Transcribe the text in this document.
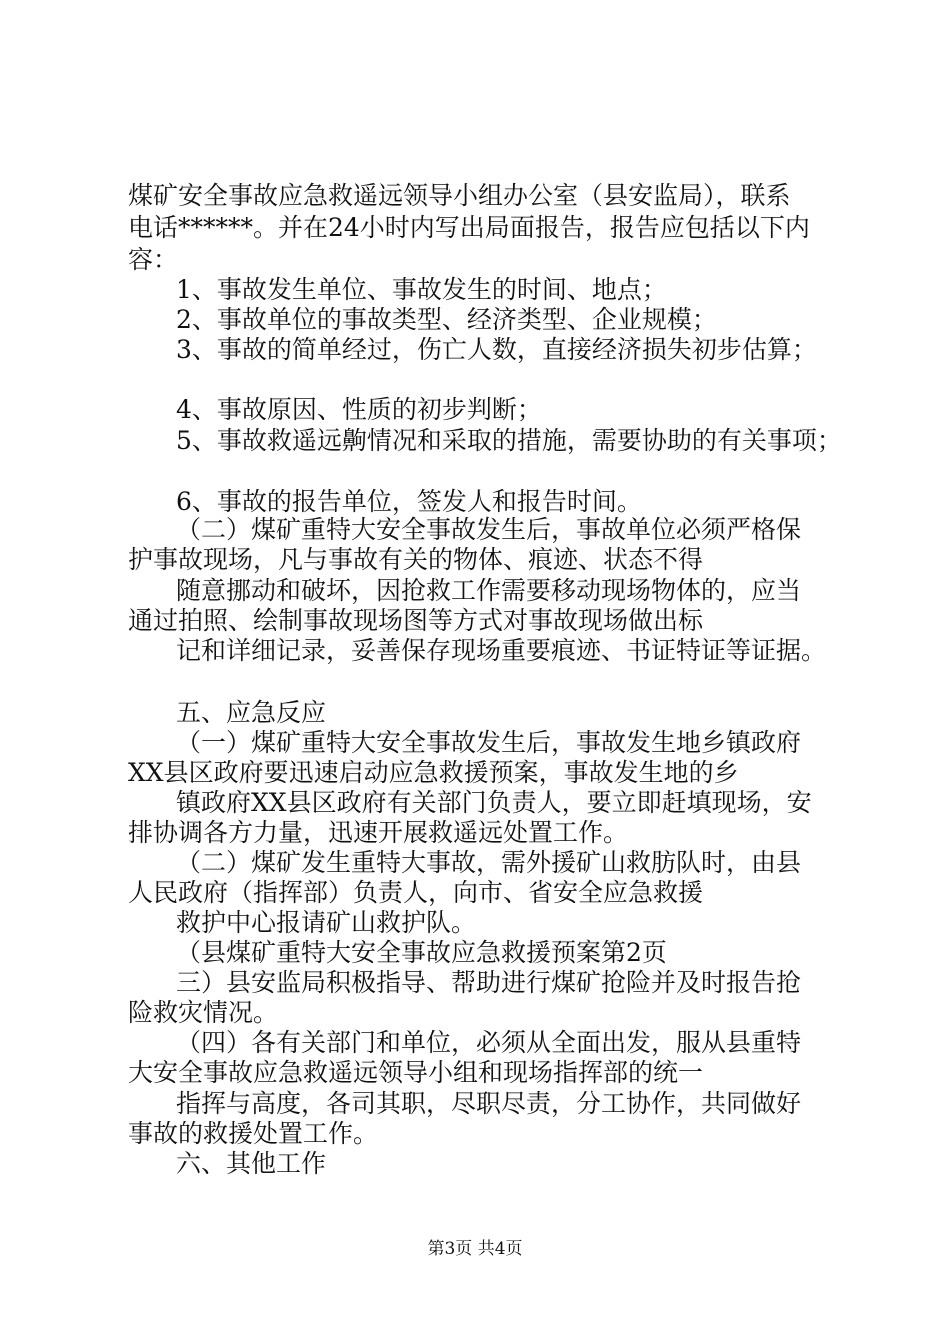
煤矿安全事故应急救遥远领导小组办公室（县安监局），联系
电话******。并在24小时内写出局面报告，报告应包括以下内
容：
1、事故发生单位、事故发生的时间、地点；
2、事故单位的事故类型、经济类型、企业规模；
3、事故的简单经过，伤亡人数，直接经济损失初步估算；
4、事故原因、性质的初步判断；
5、事故救遥远齁情况和采取的措施，需要协助的有关事项；
6、事故的报告单位，签发人和报告时间。
（二）煤矿重特大安全事故发生后，事故单位必须严格保
护事故现场，凡与事故有关的物体、痕迹、状态不得
随意挪动和破坏，因抢救工作需要移动现场物体的，应当
通过拍照、绘制事故现场图等方式对事故现场做出标
记和详细记录，妥善保存现场重要痕迹、书证特证等证据。
五、应急反应
（一）煤矿重特大安全事故发生后，事故发生地乡镇政府
XX县区政府要迅速启动应急救援预案，事故发生地的乡
镇政府XX县区政府有关部门负责人，要立即赶填现场，安
排协调各方力量，迅速开展救遥远处置工作。
（二）煤矿发生重特大事故，需外援矿山救肪队时，由县
人民政府（指挥部）负责人，向市、省安全应急救援
救护中心报请矿山救护队。
（县煤矿重特大安全事故应急救援预案第2页
三）县安监局积极指导、帮助进行煤矿抢险并及时报告抢
险救灾情况。
（四）各有关部门和单位，必须从全面出发，服从县重特
大安全事故应急救遥远领导小组和现场指挥部的统一
指挥与高度，各司其职，尽职尽责，分工协作，共同做好
事故的救援处置工作。
六、其他工作
第3页 共4页
